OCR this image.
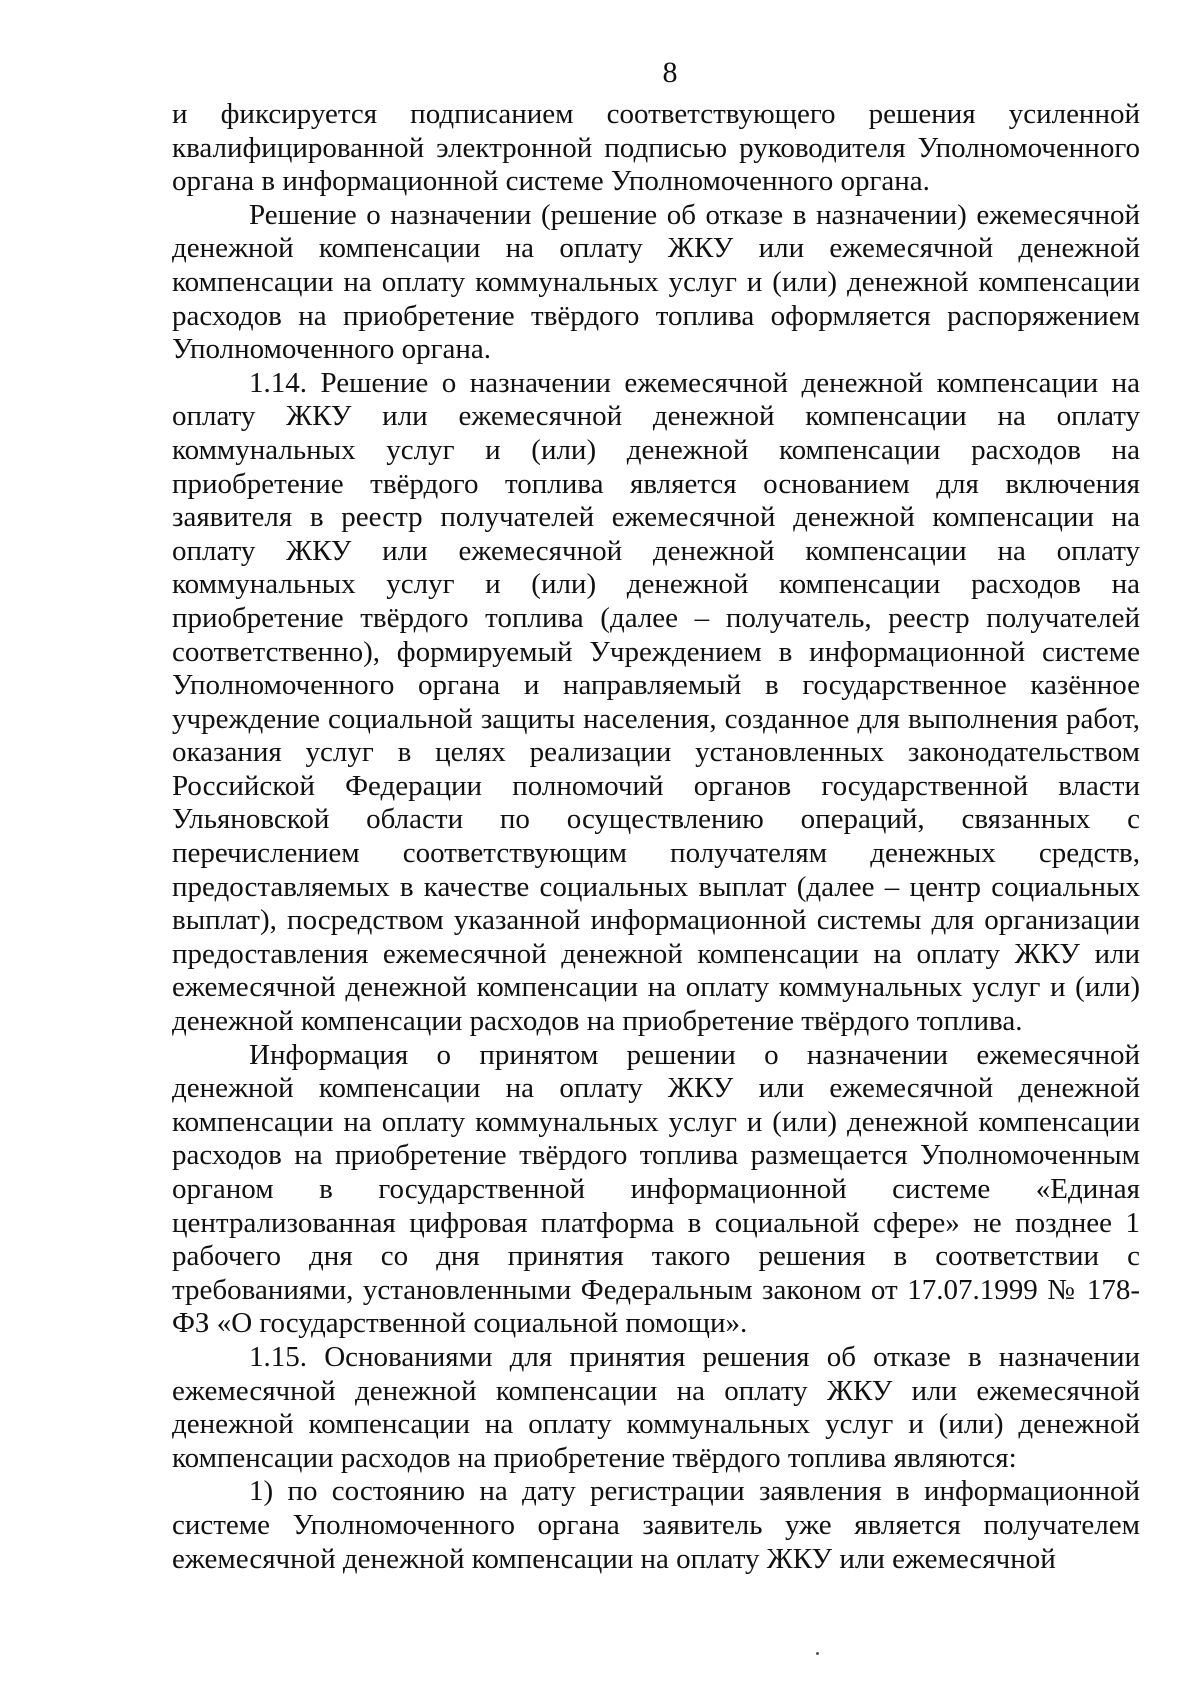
8

и фиксируется подписанием соответствующего решения усиленной квалифицированной электронной подписью руководителя Уполномоченного органа в информационной системе Уполномоченного органа.

Решение о назначении (решение об отказе в назначении) ежемесячной денежной компенсации на оплату ЖКУ или ежемесячной денежной компенсации на оплату коммунальных услуг и (или) денежной компенсации расходов на приобретение твёрдого топлива оформляется распоряжением Уполномоченного органа.

1.14. Решение о назначении ежемесячной денежной компенсации на оплату ЖКУ или ежемесячной денежной компенсации на оплату коммунальных услуг и (или) денежной компенсации расходов на приобретение твёрдого топлива является основанием для включения заявителя в реестр получателей ежемесячной денежной компенсации на оплату ЖКУ или ежемесячной денежной компенсации на оплату коммунальных услуг и (или) денежной компенсации расходов на приобретение твёрдого топлива (далее – получатель, реестр получателей соответственно), формируемый Учреждением в информационной системе Уполномоченного органа и направляемый в государственное казённое учреждение социальной защиты населения, созданное для выполнения работ, оказания услуг в целях реализации установленных законодательством Российской Федерации полномочий органов государственной власти Ульяновской области по осуществлению операций, связанных с перечислением соответствующим получателям денежных средств, предоставляемых в качестве социальных выплат (далее – центр социальных выплат), посредством указанной информационной системы для организации предоставления ежемесячной денежной компенсации на оплату ЖКУ или ежемесячной денежной компенсации на оплату коммунальных услуг и (или) денежной компенсации расходов на приобретение твёрдого топлива.

Информация о принятом решении о назначении ежемесячной денежной компенсации на оплату ЖКУ или ежемесячной денежной компенсации на оплату коммунальных услуг и (или) денежной компенсации расходов на приобретение твёрдого топлива размещается Уполномоченным органом в государственной информационной системе «Единая централизованная цифровая платформа в социальной сфере» не позднее 1 рабочего дня со дня принятия такого решения в соответствии с требованиями, установленными Федеральным законом от 17.07.1999 № 178-ФЗ «О государственной социальной помощи».

1.15. Основаниями для принятия решения об отказе в назначении ежемесячной денежной компенсации на оплату ЖКУ или ежемесячной денежной компенсации на оплату коммунальных услуг и (или) денежной компенсации расходов на приобретение твёрдого топлива являются:

1) по состоянию на дату регистрации заявления в информационной системе Уполномоченного органа заявитель уже является получателем ежемесячной денежной компенсации на оплату ЖКУ или ежемесячной
